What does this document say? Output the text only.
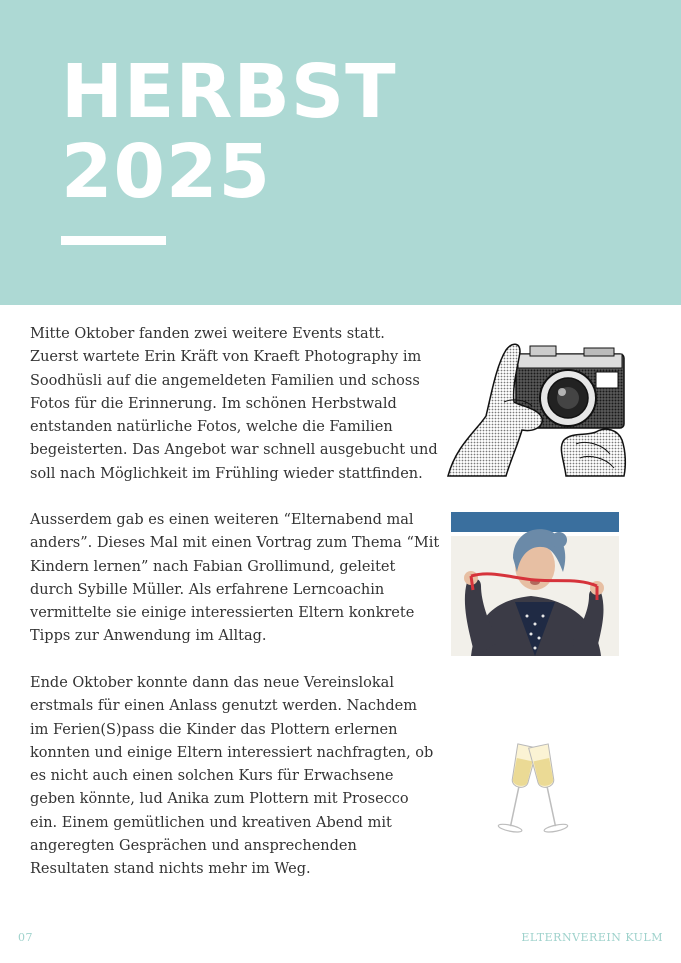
HERBST
2025
Mitte Oktober fanden zwei weitere Events statt.
Zuerst wartete Erin Kräft von Kraeft Photography im
Soodhüsli auf die angemeldeten Familien und schoss
Fotos für die Erinnerung. Im schönen Herbstwald
entstanden natürliche Fotos, welche die Familien
begeisterten. Das Angebot war schnell ausgebucht und
soll nach Möglichkeit im Frühling wieder stattfinden.
Ausserdem gab es einen weiteren “Elternabend mal
anders”. Dieses Mal mit einen Vortrag zum Thema “Mit
Kindern lernen” nach Fabian Grollimund, geleitet
durch Sybille Müller. Als erfahrene Lerncoachin
vermittelte sie einige interessierten Eltern konkrete
Tipps zur Anwendung im Alltag.
Ende Oktober konnte dann das neue Vereinslokal
erstmals für einen Anlass genutzt werden. Nachdem
im Ferien(S)pass die Kinder das Plottern erlernen
konnten und einige Eltern interessiert nachfragten, ob
es nicht auch einen solchen Kurs für Erwachsene
geben könnte, lud Anika zum Plottern mit Prosecco
ein. Einem gemütlichen und kreativen Abend mit
angeregten Gesprächen und ansprechenden
Resultaten stand nichts mehr im Weg.
07	ELTERNVEREIN KULM
